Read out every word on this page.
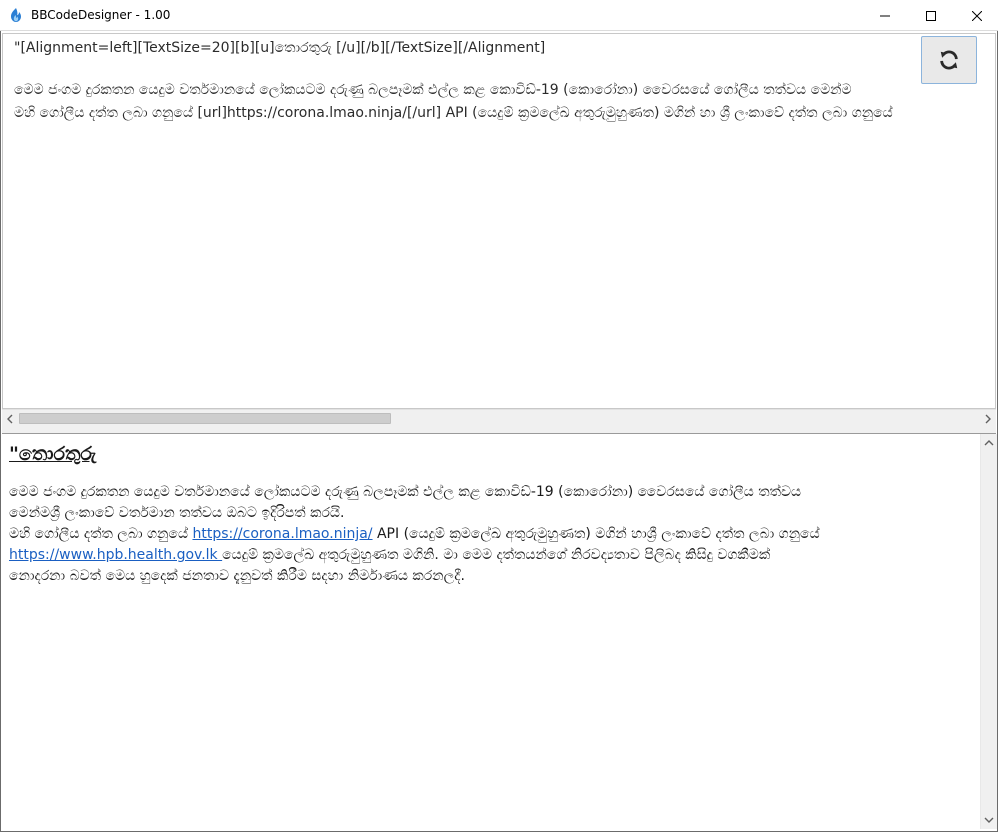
BBCodeDesigner - 1.00
"[Alignment=left][TextSize=20][b][u]තොරතුරු [/u][/b][/TextSize][/Alignment]
මෙම ජංගම දුරකතන යෙදුම වර්තමානයේ ලෝකයටම දරුණු බලපෑමක් එල්ල කළ කොවිඩ්-19 (කොරෝනා) වෛරසයේ ගෝලීය තත්වය මෙන්ම
මහි ගෝලීය දත්ත ලබා ගනුයේ [url]https://corona.lmao.ninja/[/url] API (යෙදුම් ක්‍රමලේඛ අතුරුමුහුණත) මගින් හා ශ්‍රී ලංකාවේ දත්ත ලබා ගනුයේ
"තොරතුරු
මෙම ජංගම දුරකතන යෙදුම වර්තමානයේ ලෝකයටම දරුණු බලපෑමක් එල්ල කළ කොවිඩ්-19 (කොරෝනා) වෛරසයේ ගෝලීය තත්වය
මෙන්මශ්‍රී ලංකාවේ වර්තමාන තත්වය ඔබට ඉදිරිපත් කරයි.
මහි ගෝලීය දත්ත ලබා ගනුයේ https://corona.lmao.ninja/ API (යෙදුම් ක්‍රමලේඛ අතුරුමුහුණත) මගින් හාශ්‍රී ලංකාවේ දත්ත ලබා ගනුයේ
https://www.hpb.health.gov.lk යෙදුම් ක්‍රමලේඛ අතුරුමුහුණත මගිනි. මා මෙම දත්තයන්ගේ නිරවද්‍යතාව පිලිබද කිසිදු වගකීමක්
නොදරනා බවත් මෙය හුදෙක් ජනතාව දැනුවත් කිරීම සදහා නිර්මාණය කරනලදී.
